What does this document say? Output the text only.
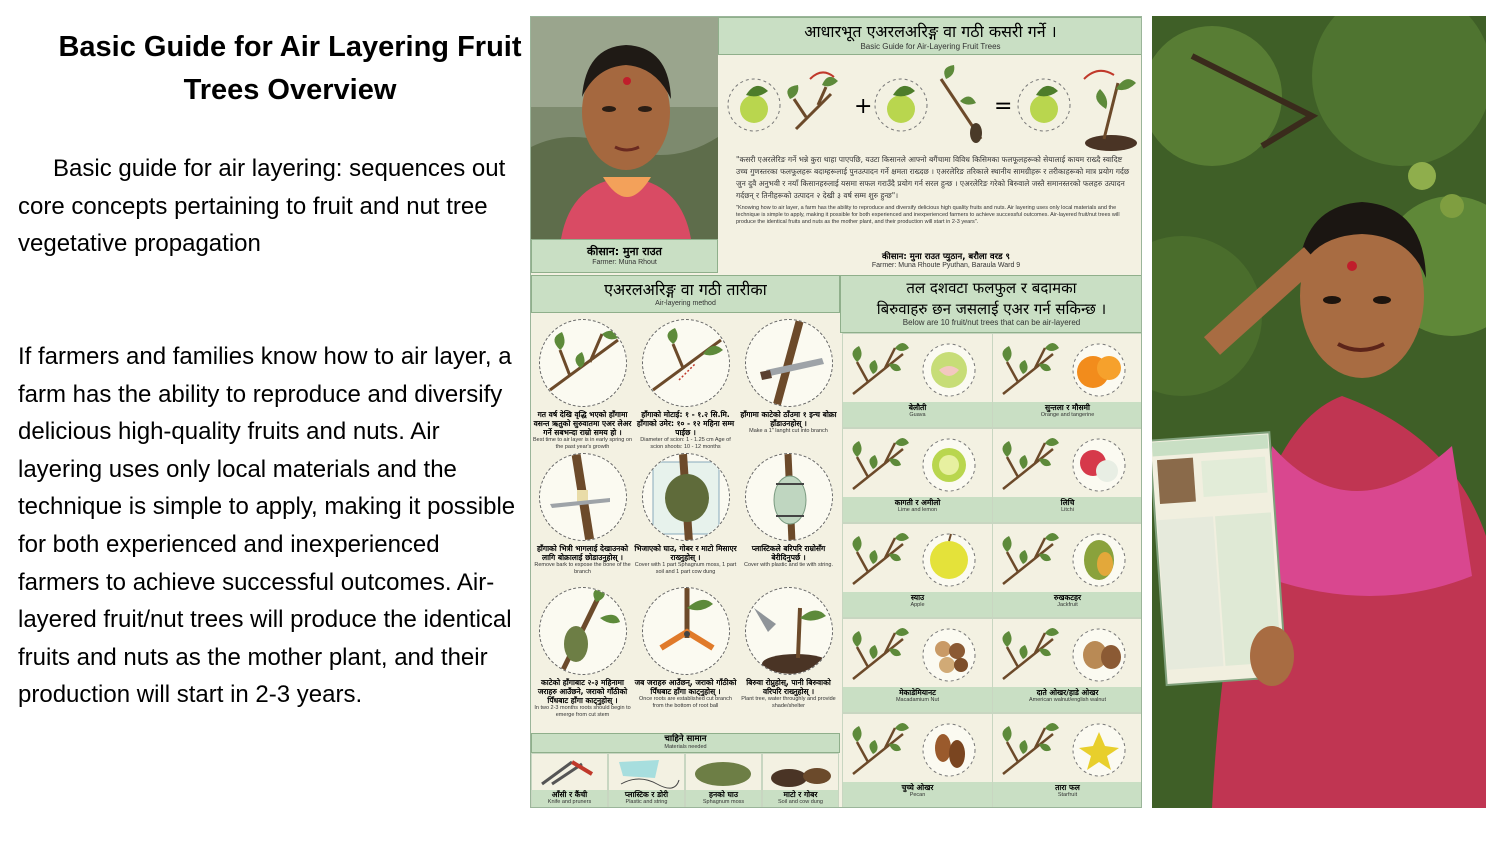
Basic Guide for Air Layering Fruit Trees Overview

Basic guide for air layering: sequences out core concepts pertaining to fruit and nut tree vegetative propagation

If farmers and families know how to air layer, a farm has the ability to reproduce and diversify delicious high-quality fruits and nuts. Air layering uses only local materials and the technique is simple to apply, making it possible for both experienced and inexperienced farmers to achieve successful outcomes. Air-layered fruit/nut trees will produce the identical fruits and nuts as the mother plant, and their production will start in 2-3 years.

कीसान: मुना राउत
Farmer: Muna Rhout
आधारभूत एअरलअरिङ्ग वा गठी कसरी गर्ने ।
Basic Guide for Air-Layering Fruit Trees
+	=
"कसरी एअरलेरिङ गर्ने भन्ने कुरा थाहा पाएपछि, यउटा किसानले आफ्नो बगैंचामा विविध किसिमका फलफूलहरूको सेयालाई कायम राख्दै स्वादिष्ट उच्च गुणस्तरका फलफूलहरू बदाम्हरूलाई पुनउत्पादन गर्ने क्षमता राख्दछ । एअरलेरिङ तरिकाले स्थानीय सामग्रीहरू र तरीकाहरूको मात्र प्रयोग गर्दछ जुन दुवै अनुभवी र नयाँ किसानहरुलाई यसमा सफल गराउँदै प्रयोग गर्न सरल हुन्छ । एअरलेरिङ गरेको बिरुवाले जस्तै समानस्तरको फलहरु उत्पादन गर्दछन् र तिनीहरूको उत्पादन २ देखी ३ वर्ष सम्म शुरु हुन्छ"।
"Knowing how to air layer, a farm has the ability to reproduce and diversify delicious high quality fruits and nuts. Air layering uses only local materials and the technique is simple to apply, making it possible for both experienced and inexperienced farmers to achieve successful outcomes. Air-layered fruit/nut trees will produce the identical fruits and nuts as the mother plant, and their production will start in 2-3 years".
कीसान: मुना राउत प्युठान, बरौला वरड ९
Farmer: Muna Rhoute Pyuthan, Baraula Ward 9
एअरलअरिङ्ग वा गठी तारीका
Air-layering method
तल दशवटा फलफुल र बदामका
बिरुवाहरु छन जसलाई एअर गर्न सकिन्छ ।
Below are 10 fruit/nut trees that can be air-layered
गत वर्ष देखि वृद्धि भएको हाँगामा वसन्त ऋतुको सुरुवातमा एअर लेअर गर्ने सबभन्दा राम्रो समय हो ।
Best time to air layer is in early spring on the past year's growth
हाँगाको मोटाई: १ - १.२ सि.मि. हाँगाको उमेर: १० - १२ महिना सम्म पाईछ ।
Diameter of scion: 1 - 1.25 cm Age of scion shoots: 10 - 12 months
हाँगामा काटेको ठाँउमा १ इन्च बोक्रा हाँडाउनहोस् ।
Make a 1" langht cut into branch
हाँगाको भित्री भागलाई देखाउनको लागि बोक्रालाई छोडाउनुहोस् ।
Remove bark to expose the bone of the branch
भिजाएको घाउ, गोबर र माटो मिसाएर राख्नुहोस् ।
Cover with 1 part Sphagnum moss, 1 part soil and 1 part cow dung
प्लास्टिकले बरिपरि राम्रोसँग बेरीदिनुपर्छ ।
Cover with plastic and tie with string.
काटेको हाँगाबाट २-३ महिनामा जराहरु आउँछने, जराको गाँठीको पिँधबाट हाँगा काट्नुहोस् ।
In two 2-3 months roots should begin to emerge from cut stem
जब जराहरु आउँछन्, जराको गाँठीको पिँधबाट हाँगा काट्नुहोस् ।
Once roots are established cut branch from the bottom of root ball
बिरुवा रोप्नुहोस्, पानी बिरुवाको वरिपरि राख्नुहोस् ।
Plant tree, water throughly and provide shade/shelter
चाहिने सामान
Materials needed
आँसी र कैंची
Knife and pruners
प्लास्टिक र डोरी
Plastic and string
हनको घाउ
Sphagnum moss
माटो र गोबर
Soil and cow dung
बेलौती
Guava
सुन्तला र मौसमी
Orange and tangerine
कागती र अमीलो
Lime and lemon
लिचि
Litchi
स्याउ
Apple
रुखकटहर
Jackfruit
मेकाडेमियानट
Macadamium Nut
दाते ओखर/हाडे ओखर
American walnut/english walnut
चुच्चे ओखर
Pecan
तारा फल
Starfruit
